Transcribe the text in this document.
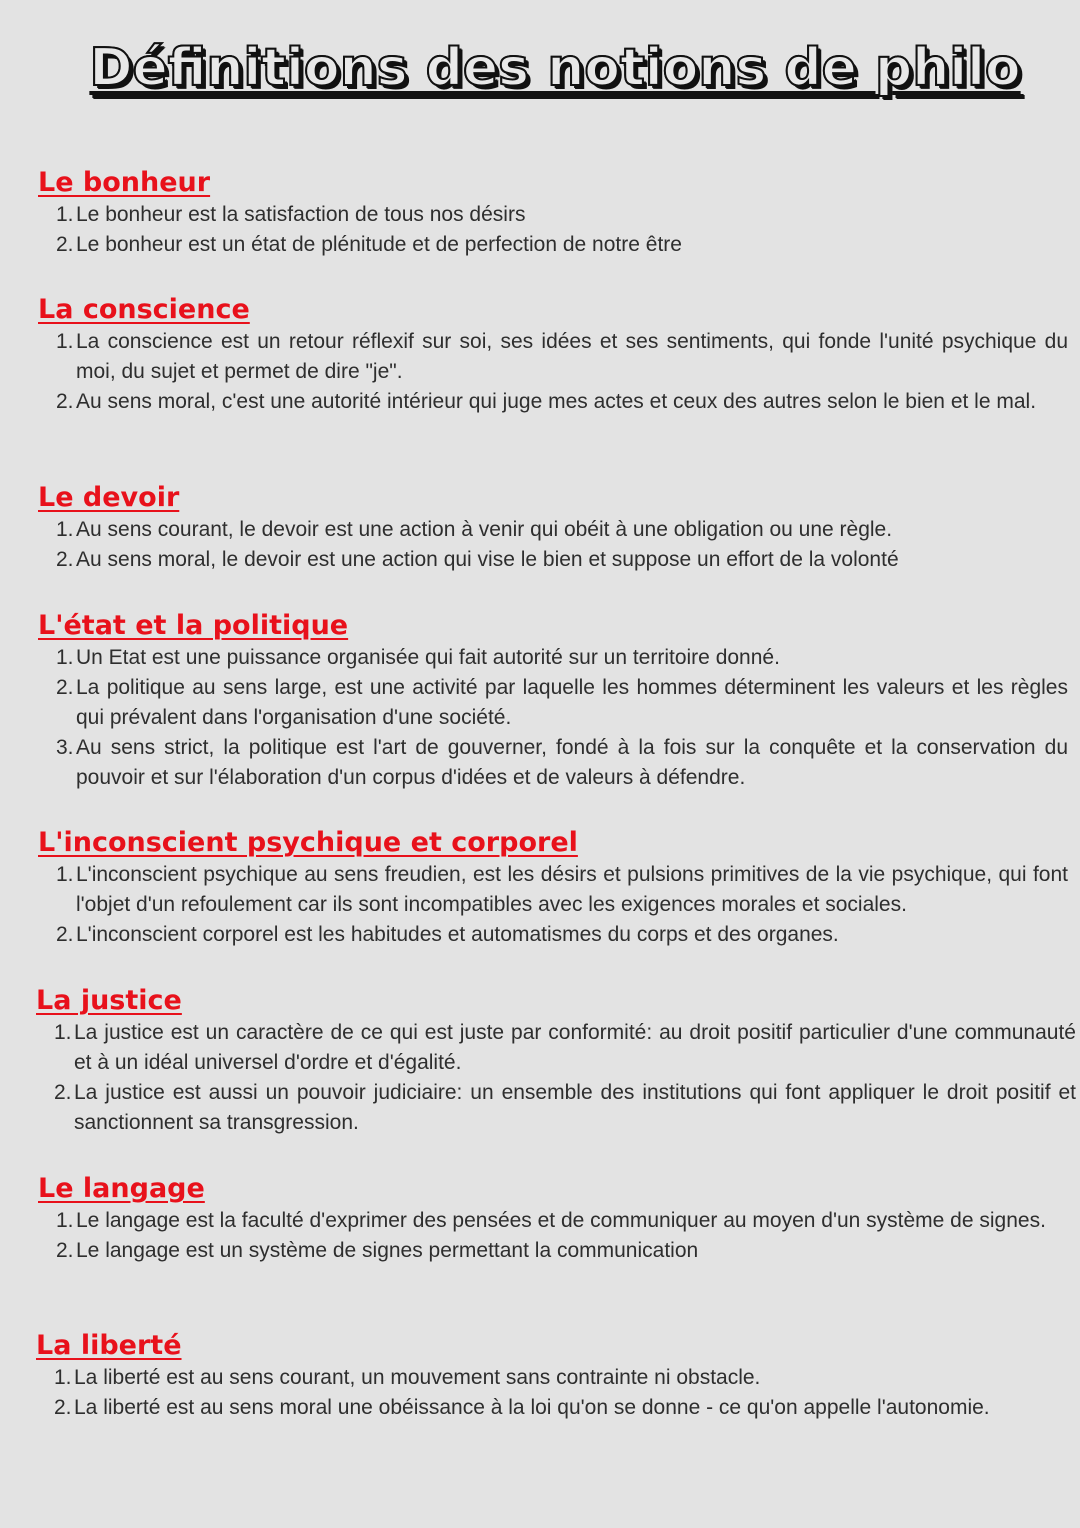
Définitions des notions de philo
Le bonheur
1. Le bonheur est la satisfaction de tous nos désirs
2. Le bonheur est un état de plénitude et de perfection de notre être
La conscience
1. La conscience est un retour réflexif sur soi, ses idées et ses sentiments, qui fonde l'unité psychique du moi, du sujet et permet de dire "je".
2. Au sens moral, c'est une autorité intérieur qui juge mes actes et ceux des autres selon le bien et le mal.
Le devoir
1. Au sens courant, le devoir est une action à venir qui obéit à une obligation ou une règle.
2. Au sens moral, le devoir est une action qui vise le bien et suppose un effort de la volonté
L'état et la politique
1. Un Etat est une puissance organisée qui fait autorité sur un territoire donné.
2. La politique au sens large, est une activité par laquelle les hommes déterminent les valeurs et les règles qui prévalent dans l'organisation d'une société.
3. Au sens strict, la politique est l'art de gouverner, fondé à la fois sur la conquête et la conservation du pouvoir et sur l'élaboration d'un corpus d'idées et de valeurs à défendre.
L'inconscient psychique et corporel
1. L'inconscient psychique au sens freudien, est les désirs et pulsions primitives de la vie psychique, qui font l'objet d'un refoulement car ils sont incompatibles avec les exigences morales et sociales.
2. L'inconscient corporel est les habitudes et automatismes du corps et des organes.
La justice
1. La justice est un caractère de ce qui est juste par conformité: au droit positif particulier d'une communauté et à un idéal universel d'ordre et d'égalité.
2. La justice est aussi un pouvoir judiciaire: un ensemble des institutions qui font appliquer le droit positif et sanctionnent sa transgression.
Le langage
1. Le langage est la faculté d'exprimer des pensées et de communiquer au moyen d'un système de signes.
2. Le langage est un système de signes permettant la communication
La liberté
1. La liberté est au sens courant, un mouvement sans contrainte ni obstacle.
2. La liberté est au sens moral une obéissance à la loi qu'on se donne - ce qu'on appelle l'autonomie.
